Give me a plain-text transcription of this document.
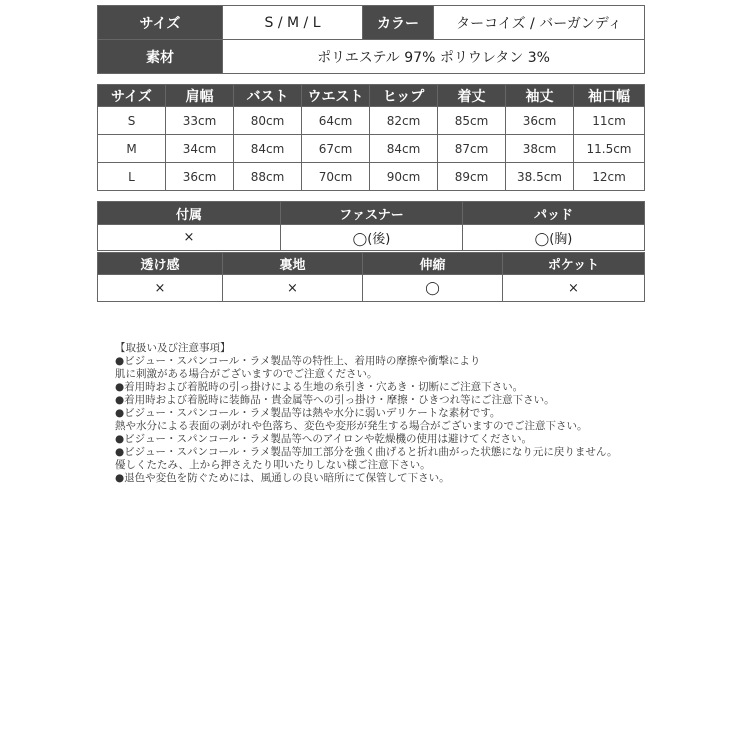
サイズ	S / M / L	カラー	ターコイズ / バーガンディ
素材	ポリエステル 97% ポリウレタン 3%		
サイズ	肩幅	バスト	ウエスト	ヒップ	着丈	袖丈	袖口幅
S	33cm	80cm	64cm	82cm	85cm	36cm	11cm
M	34cm	84cm	67cm	84cm	87cm	38cm	11.5cm
L	36cm	88cm	70cm	90cm	89cm	38.5cm	12cm
付属	ファスナー	パッド
×	◯(後)	◯(胸)
透け感	裏地	伸縮	ポケット
×	×	◯	×
【取扱い及び注意事項】
●ビジュー・スパンコール・ラメ製品等の特性上、着用時の摩擦や衝撃により
肌に刺激がある場合がございますのでご注意ください。
●着用時および着脱時の引っ掛けによる生地の糸引き・穴あき・切断にご注意下さい。
●着用時および着脱時に装飾品・貴金属等への引っ掛け・摩擦・ひきつれ等にご注意下さい。
●ビジュー・スパンコール・ラメ製品等は熱や水分に弱いデリケートな素材です。
熱や水分による表面の剥がれや色落ち、変色や変形が発生する場合がございますのでご注意下さい。
●ビジュー・スパンコール・ラメ製品等へのアイロンや乾燥機の使用は避けてください。
●ビジュー・スパンコール・ラメ製品等加工部分を強く曲げると折れ曲がった状態になり元に戻りません。
優しくたたみ、上から押さえたり叩いたりしない様ご注意下さい。
●退色や変色を防ぐためには、風通しの良い暗所にて保管して下さい。
